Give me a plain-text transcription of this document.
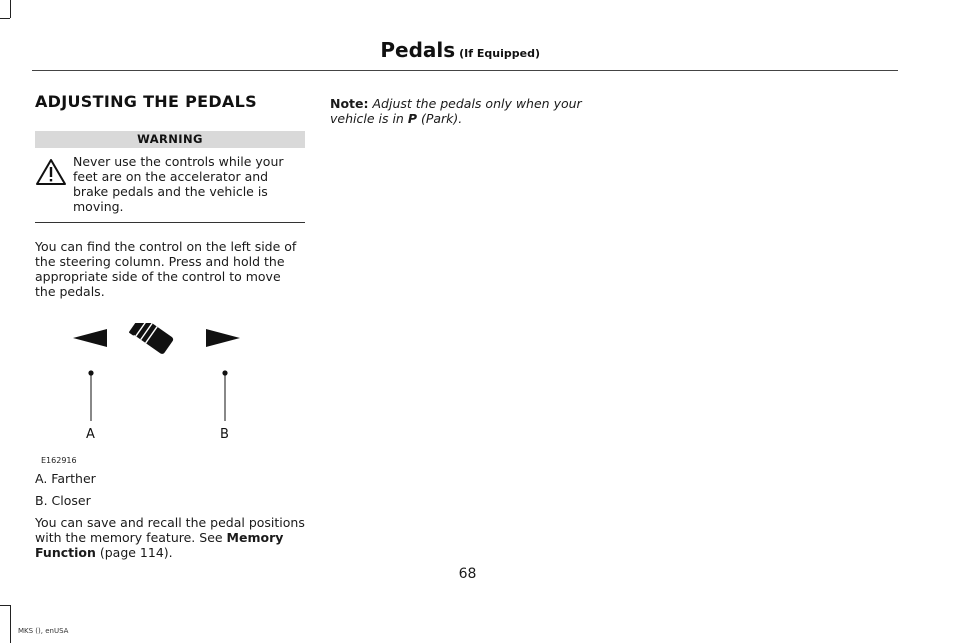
Pedals (If Equipped)
ADJUSTING THE PEDALS
WARNING
Never use the controls while your feet are on the accelerator and brake pedals and the vehicle is moving.

You can find the control on the left side of the steering column. Press and hold the appropriate side of the control to move the pedals.

A	B
E162916
A. Farther
B. Closer

You can save and recall the pedal positions with the memory feature. See Memory Function (page 114).

Note: Adjust the pedals only when your vehicle is in P (Park).

68
MKS (), enUSA
